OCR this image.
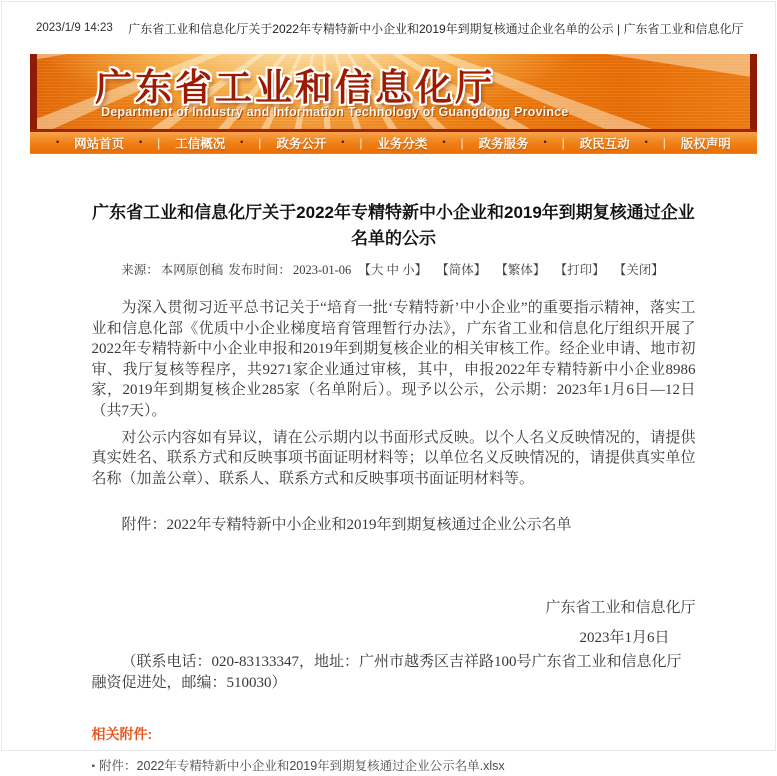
2023/1/9 14:23	广东省工业和信息化厅关于2022年专精特新中小企业和2019年到期复核通过企业名单的公示 | 广东省工业和信息化厅
广东省工业和信息化厅
Department of Industry and Information Technology of Guangdong Province
• 网站首页 • | 工信概况 • | 政务公开 • | 业务分类 • | 政务服务 • | 政民互动 • | 版权声明
广东省工业和信息化厅关于2022年专精特新中小企业和2019年到期复核通过企业名单的公示
来源： 本网原创稿 发布时间： 2023-01-06 【大 中 小】 【简体】 【繁体】 【打印】 【关闭】

为深入贯彻习近平总书记关于“培育一批‘专精特新’中小企业”的重要指示精神，落实工业和信息化部《优质中小企业梯度培育管理暂行办法》，广东省工业和信息化厅组织开展了2022年专精特新中小企业申报和2019年到期复核企业的相关审核工作。经企业申请、地市初审、我厅复核等程序，共9271家企业通过审核，其中，申报2022年专精特新中小企业8986家，2019年到期复核企业285家（名单附后）。现予以公示，公示期：2023年1月6日—12日（共7天）。

对公示内容如有异议，请在公示期内以书面形式反映。以个人名义反映情况的，请提供真实姓名、联系方式和反映事项书面证明材料等；以单位名义反映情况的，请提供真实单位名称（加盖公章）、联系人、联系方式和反映事项书面证明材料等。

附件：2022年专精特新中小企业和2019年到期复核通过企业公示名单

广东省工业和信息化厅

2023年1月6日

（联系电话：020-83133347，地址：广州市越秀区吉祥路100号广东省工业和信息化厅融资促进处，邮编：510030）

相关附件:
▪ 附件：2022年专精特新中小企业和2019年到期复核通过企业公示名单.xlsx
